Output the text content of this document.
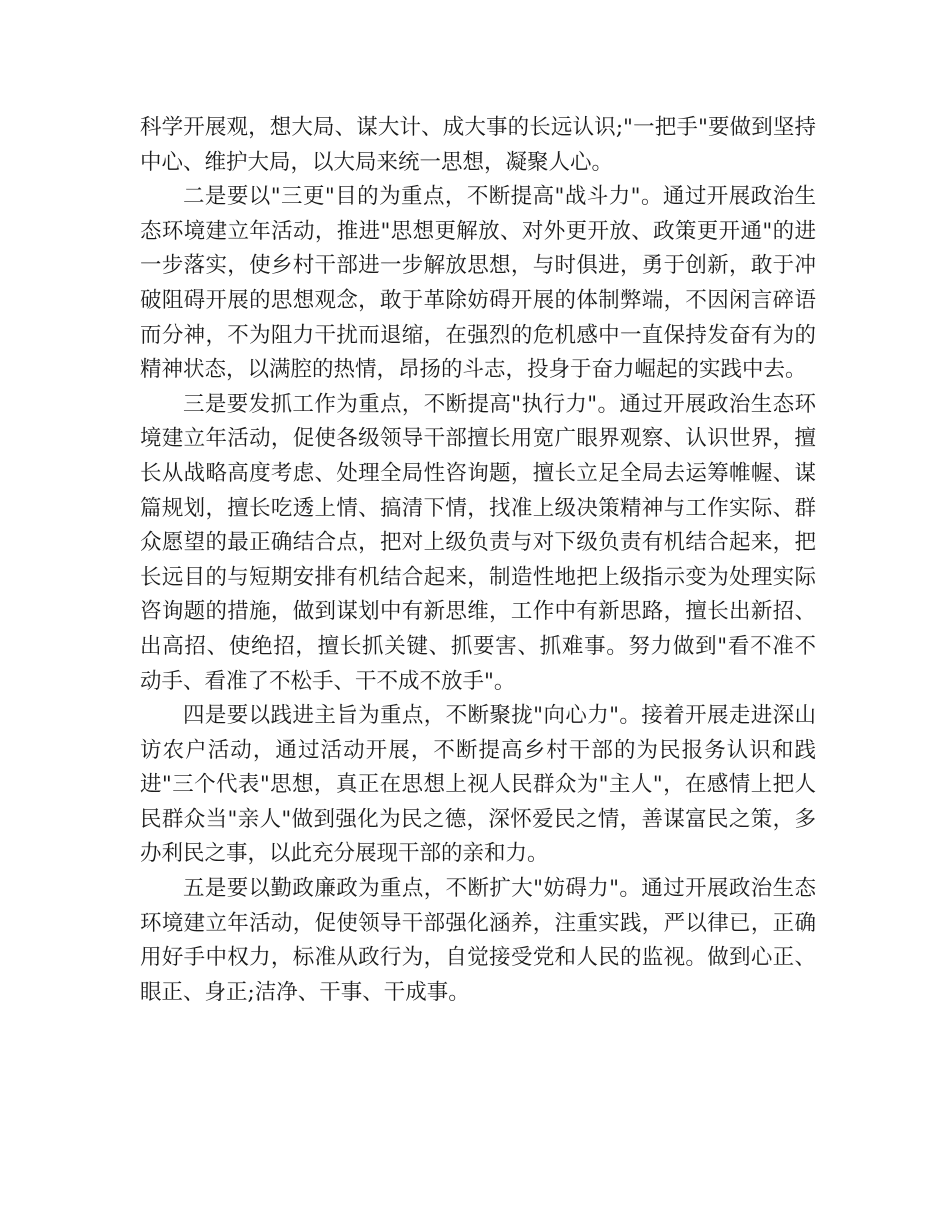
科学开展观，想大局、谋大计、成大事的长远认识;"一把手"要做到坚持中心、维护大局，以大局来统一思想，凝聚人心。

二是要以"三更"目的为重点，不断提高"战斗力"。通过开展政治生态环境建立年活动，推进"思想更解放、对外更开放、政策更开通"的进一步落实，使乡村干部进一步解放思想，与时俱进，勇于创新，敢于冲破阻碍开展的思想观念，敢于革除妨碍开展的体制弊端，不因闲言碎语而分神，不为阻力干扰而退缩，在强烈的危机感中一直保持发奋有为的精神状态，以满腔的热情，昂扬的斗志，投身于奋力崛起的实践中去。

三是要发抓工作为重点，不断提高"执行力"。通过开展政治生态环境建立年活动，促使各级领导干部擅长用宽广眼界观察、认识世界，擅长从战略高度考虑、处理全局性咨询题，擅长立足全局去运筹帷幄、谋篇规划，擅长吃透上情、搞清下情，找准上级决策精神与工作实际、群众愿望的最正确结合点，把对上级负责与对下级负责有机结合起来，把长远目的与短期安排有机结合起来，制造性地把上级指示变为处理实际咨询题的措施，做到谋划中有新思维，工作中有新思路，擅长出新招、出高招、使绝招，擅长抓关键、抓要害、抓难事。努力做到"看不准不动手、看准了不松手、干不成不放手"。

四是要以践进主旨为重点，不断聚拢"向心力"。接着开展走进深山访农户活动，通过活动开展，不断提高乡村干部的为民报务认识和践进"三个代表"思想，真正在思想上视人民群众为"主人"，在感情上把人民群众当"亲人"做到强化为民之德，深怀爱民之情，善谋富民之策，多办利民之事，以此充分展现干部的亲和力。

五是要以勤政廉政为重点，不断扩大"妨碍力"。通过开展政治生态环境建立年活动，促使领导干部强化涵养，注重实践，严以律已，正确用好手中权力，标准从政行为，自觉接受党和人民的监视。做到心正、眼正、身正;洁净、干事、干成事。
